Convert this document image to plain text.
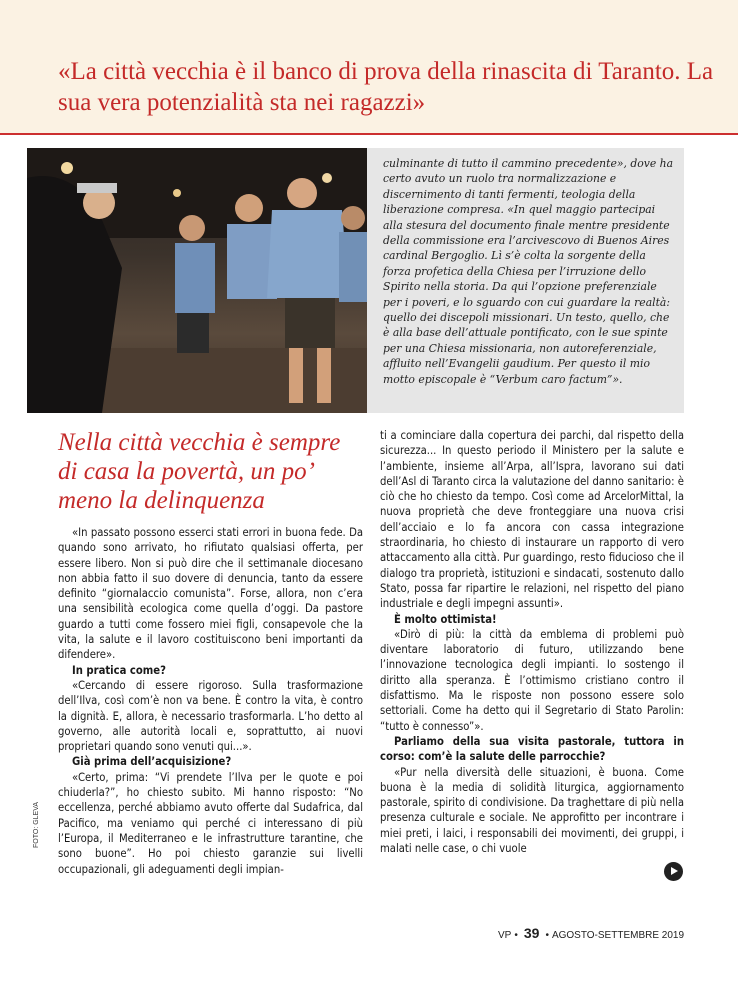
«La città vecchia è il banco di prova della rinascita di Taranto. La sua vera potenzialità sta nei ragazzi»

culminante di tutto il cammino precedente», dove ha certo avuto un ruolo tra normalizzazione e discernimento di tanti fermenti, teologia della liberazione compresa. «In quel maggio partecipai alla stesura del documento finale mentre presidente della commissione era l’arcivescovo di Buenos Aires cardinal Bergoglio. Lì s’è colta la sorgente della forza profetica della Chiesa per l’irruzione dello Spirito nella storia. Da qui l’opzione preferenziale per i poveri, e lo sguardo con cui guardare la realtà: quello dei discepoli missionari. Un testo, quello, che è alla base dell’attuale pontificato, con le sue spinte per una Chiesa missionaria, non autoreferenziale, affluito nell’Evangelii gaudium. Per questo il mio motto episcopale è “Verbum caro factum”».

Nella città vecchia è sempre di casa la povertà, un po’ meno la delinquenza

«In passato possono esserci stati errori in buona fede. Da quando sono arrivato, ho rifiutato qualsiasi offerta, per essere libero. Non si può dire che il settimanale diocesano non abbia fatto il suo dovere di denuncia, tanto da essere definito “giornalaccio comunista”. Forse, allora, non c’era una sensibilità ecologica come quella d’oggi. Da pastore guardo a tutti come fossero miei figli, consapevole che la vita, la salute e il lavoro costituiscono beni importanti da difendere».

In pratica come?

«Cercando di essere rigoroso. Sulla trasformazione dell’Ilva, così com’è non va bene. È contro la vita, è contro la dignità. E, allora, è necessario trasformarla. L’ho detto al governo, alle autorità locali e, soprattutto, ai nuovi proprietari quando sono venuti qui...».

Già prima dell’acquisizione?

«Certo, prima: “Vi prendete l’Ilva per le quote e poi chiuderla?”, ho chiesto subito. Mi hanno risposto: “No eccellenza, perché abbiamo avuto offerte dal Sudafrica, dal Pacifico, ma veniamo qui perché ci interessano di più l’Europa, il Mediterraneo e le infrastrutture tarantine, che sono buone”. Ho poi chiesto garanzie sui livelli occupazionali, gli adeguamenti degli impian-

ti a cominciare dalla copertura dei parchi, dal rispetto della sicurezza... In questo periodo il Ministero per la salute e l’ambiente, insieme all’Arpa, all’Ispra, lavorano sui dati dell’Asl di Taranto circa la valutazione del danno sanitario: è ciò che ho chiesto da tempo. Così come ad ArcelorMittal, la nuova proprietà che deve fronteggiare una nuova crisi dell’acciaio e lo fa ancora con cassa integrazione straordinaria, ho chiesto di instaurare un rapporto di vero attaccamento alla città. Pur guardingo, resto fiducioso che il dialogo tra proprietà, istituzioni e sindacati, sostenuto dallo Stato, possa far ripartire le relazioni, nel rispetto del piano industriale e degli impegni assunti».

È molto ottimista!

«Dirò di più: la città da emblema di problemi può diventare laboratorio di futuro, utilizzando bene l’innovazione tecnologica degli impianti. Io sostengo il diritto alla speranza. È l’ottimismo cristiano contro il disfattismo. Ma le risposte non possono essere solo settoriali. Come ha detto qui il Segretario di Stato Parolin: “tutto è connesso”».

Parliamo della sua visita pastorale, tuttora in corso: com’è la salute delle parrocchie?

«Pur nella diversità delle situazioni, è buona. Come buona è la media di solidità liturgica, aggiornamento pastorale, spirito di condivisione. Da traghettare di più nella presenza culturale e sociale. Ne approfitto per incontrare i miei preti, i laici, i responsabili dei movimenti, dei gruppi, i malati nelle case, o chi vuole

FOTO: GLEVA
VP • 39 • AGOSTO-SETTEMBRE 2019
